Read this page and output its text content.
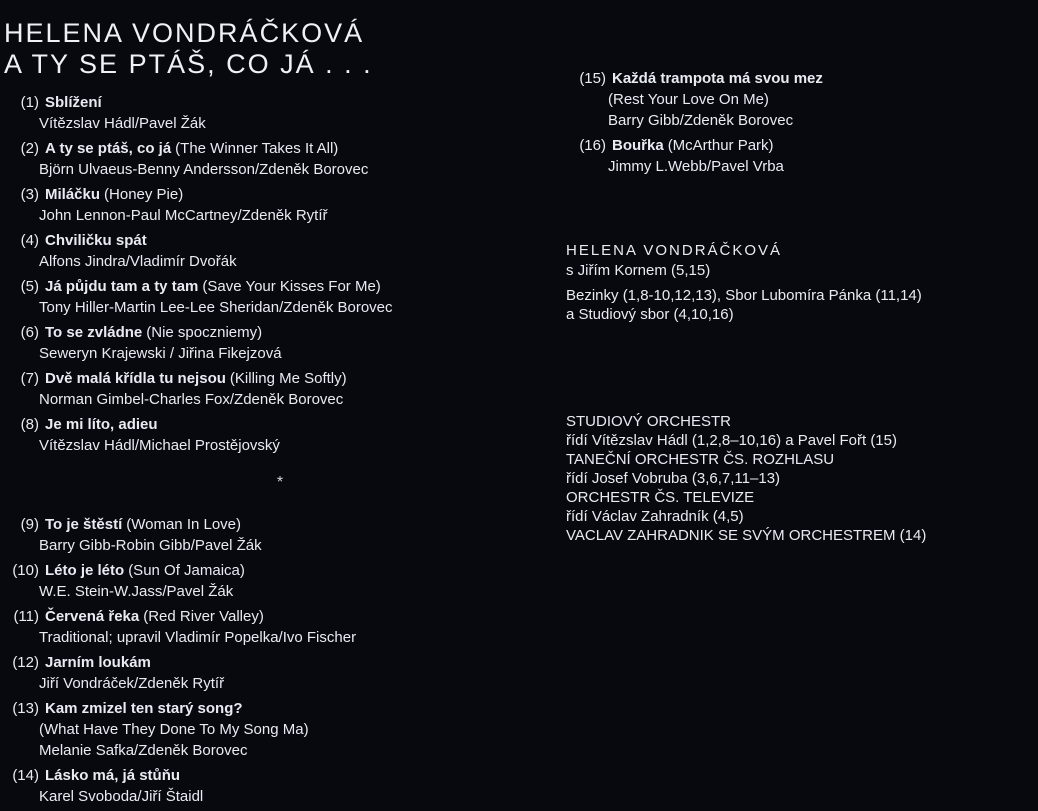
HELENA VONDRÁČKOVÁ
A TY SE PTÁŠ, CO JÁ . . .
(1) Sblížení
Vítězslav Hádl/Pavel Žák
(2) A ty se ptáš, co já (The Winner Takes It All)
Björn Ulvaeus-Benny Andersson/Zdeněk Borovec
(3) Miláčku (Honey Pie)
John Lennon-Paul McCartney/Zdeněk Rytíř
(4) Chviličku spát
Alfons Jindra/Vladimír Dvořák
(5) Já půjdu tam a ty tam (Save Your Kisses For Me)
Tony Hiller-Martin Lee-Lee Sheridan/Zdeněk Borovec
(6) To se zvládne (Nie spoczniemy)
Seweryn Krajewski / Jiřina Fikejzová
(7) Dvě malá křídla tu nejsou (Killing Me Softly)
Norman Gimbel-Charles Fox/Zdeněk Borovec
(8) Je mi líto, adieu
Vítězslav Hádl/Michael Prostějovský
*
(9) To je štěstí (Woman In Love)
Barry Gibb-Robin Gibb/Pavel Žák
(10) Léto je léto (Sun Of Jamaica)
W.E. Stein-W.Jass/Pavel Žák
(11) Červená řeka (Red River Valley)
Traditional; upravil Vladimír Popelka/Ivo Fischer
(12) Jarním loukám
Jiří Vondráček/Zdeněk Rytíř
(13) Kam zmizel ten starý song?
(What Have They Done To My Song Ma)
Melanie Safka/Zdeněk Borovec
(14) Lásko má, já stůňu
Karel Svoboda/Jiří Štaidl
(15) Každá trampota má svou mez
(Rest Your Love On Me)
Barry Gibb/Zdeněk Borovec
(16) Bouřka (McArthur Park)
Jimmy L.Webb/Pavel Vrba
HELENA VONDRÁČKOVÁ
s Jiřím Kornem (5,15)
Bezinky (1,8-10,12,13), Sbor Lubomíra Pánka (11,14)
a Studiový sbor (4,10,16)
STUDIOVÝ ORCHESTR
řídí Vítězslav Hádl (1,2,8–10,16) a Pavel Fořt (15)
TANEČNÍ ORCHESTR ČS. ROZHLASU
řídí Josef Vobruba (3,6,7,11–13)
ORCHESTR ČS. TELEVIZE
řídí Václav Zahradník (4,5)
VACLAV ZAHRADNIK SE SVÝM ORCHESTREM (14)
